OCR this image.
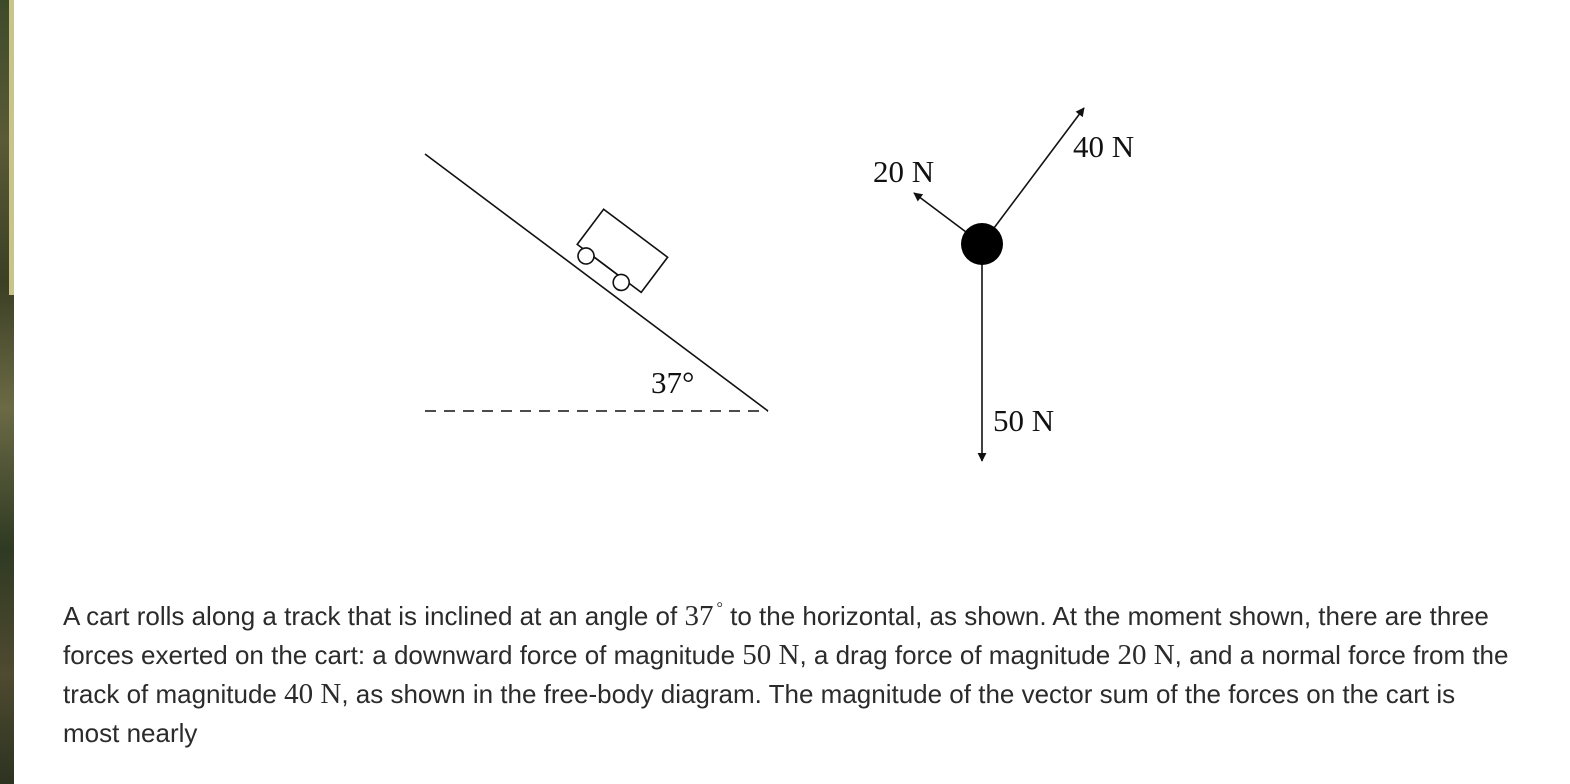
37°
40 N
20 N
50 N

A cart rolls along a track that is inclined at an angle of 37 ° to the horizontal, as shown. At the moment shown, there are three forces exerted on the cart: a downward force of magnitude 50 N, a drag force of magnitude 20 N, and a normal force from the track of magnitude 40 N, as shown in the free-body diagram. The magnitude of the vector sum of the forces on the cart is most nearly
